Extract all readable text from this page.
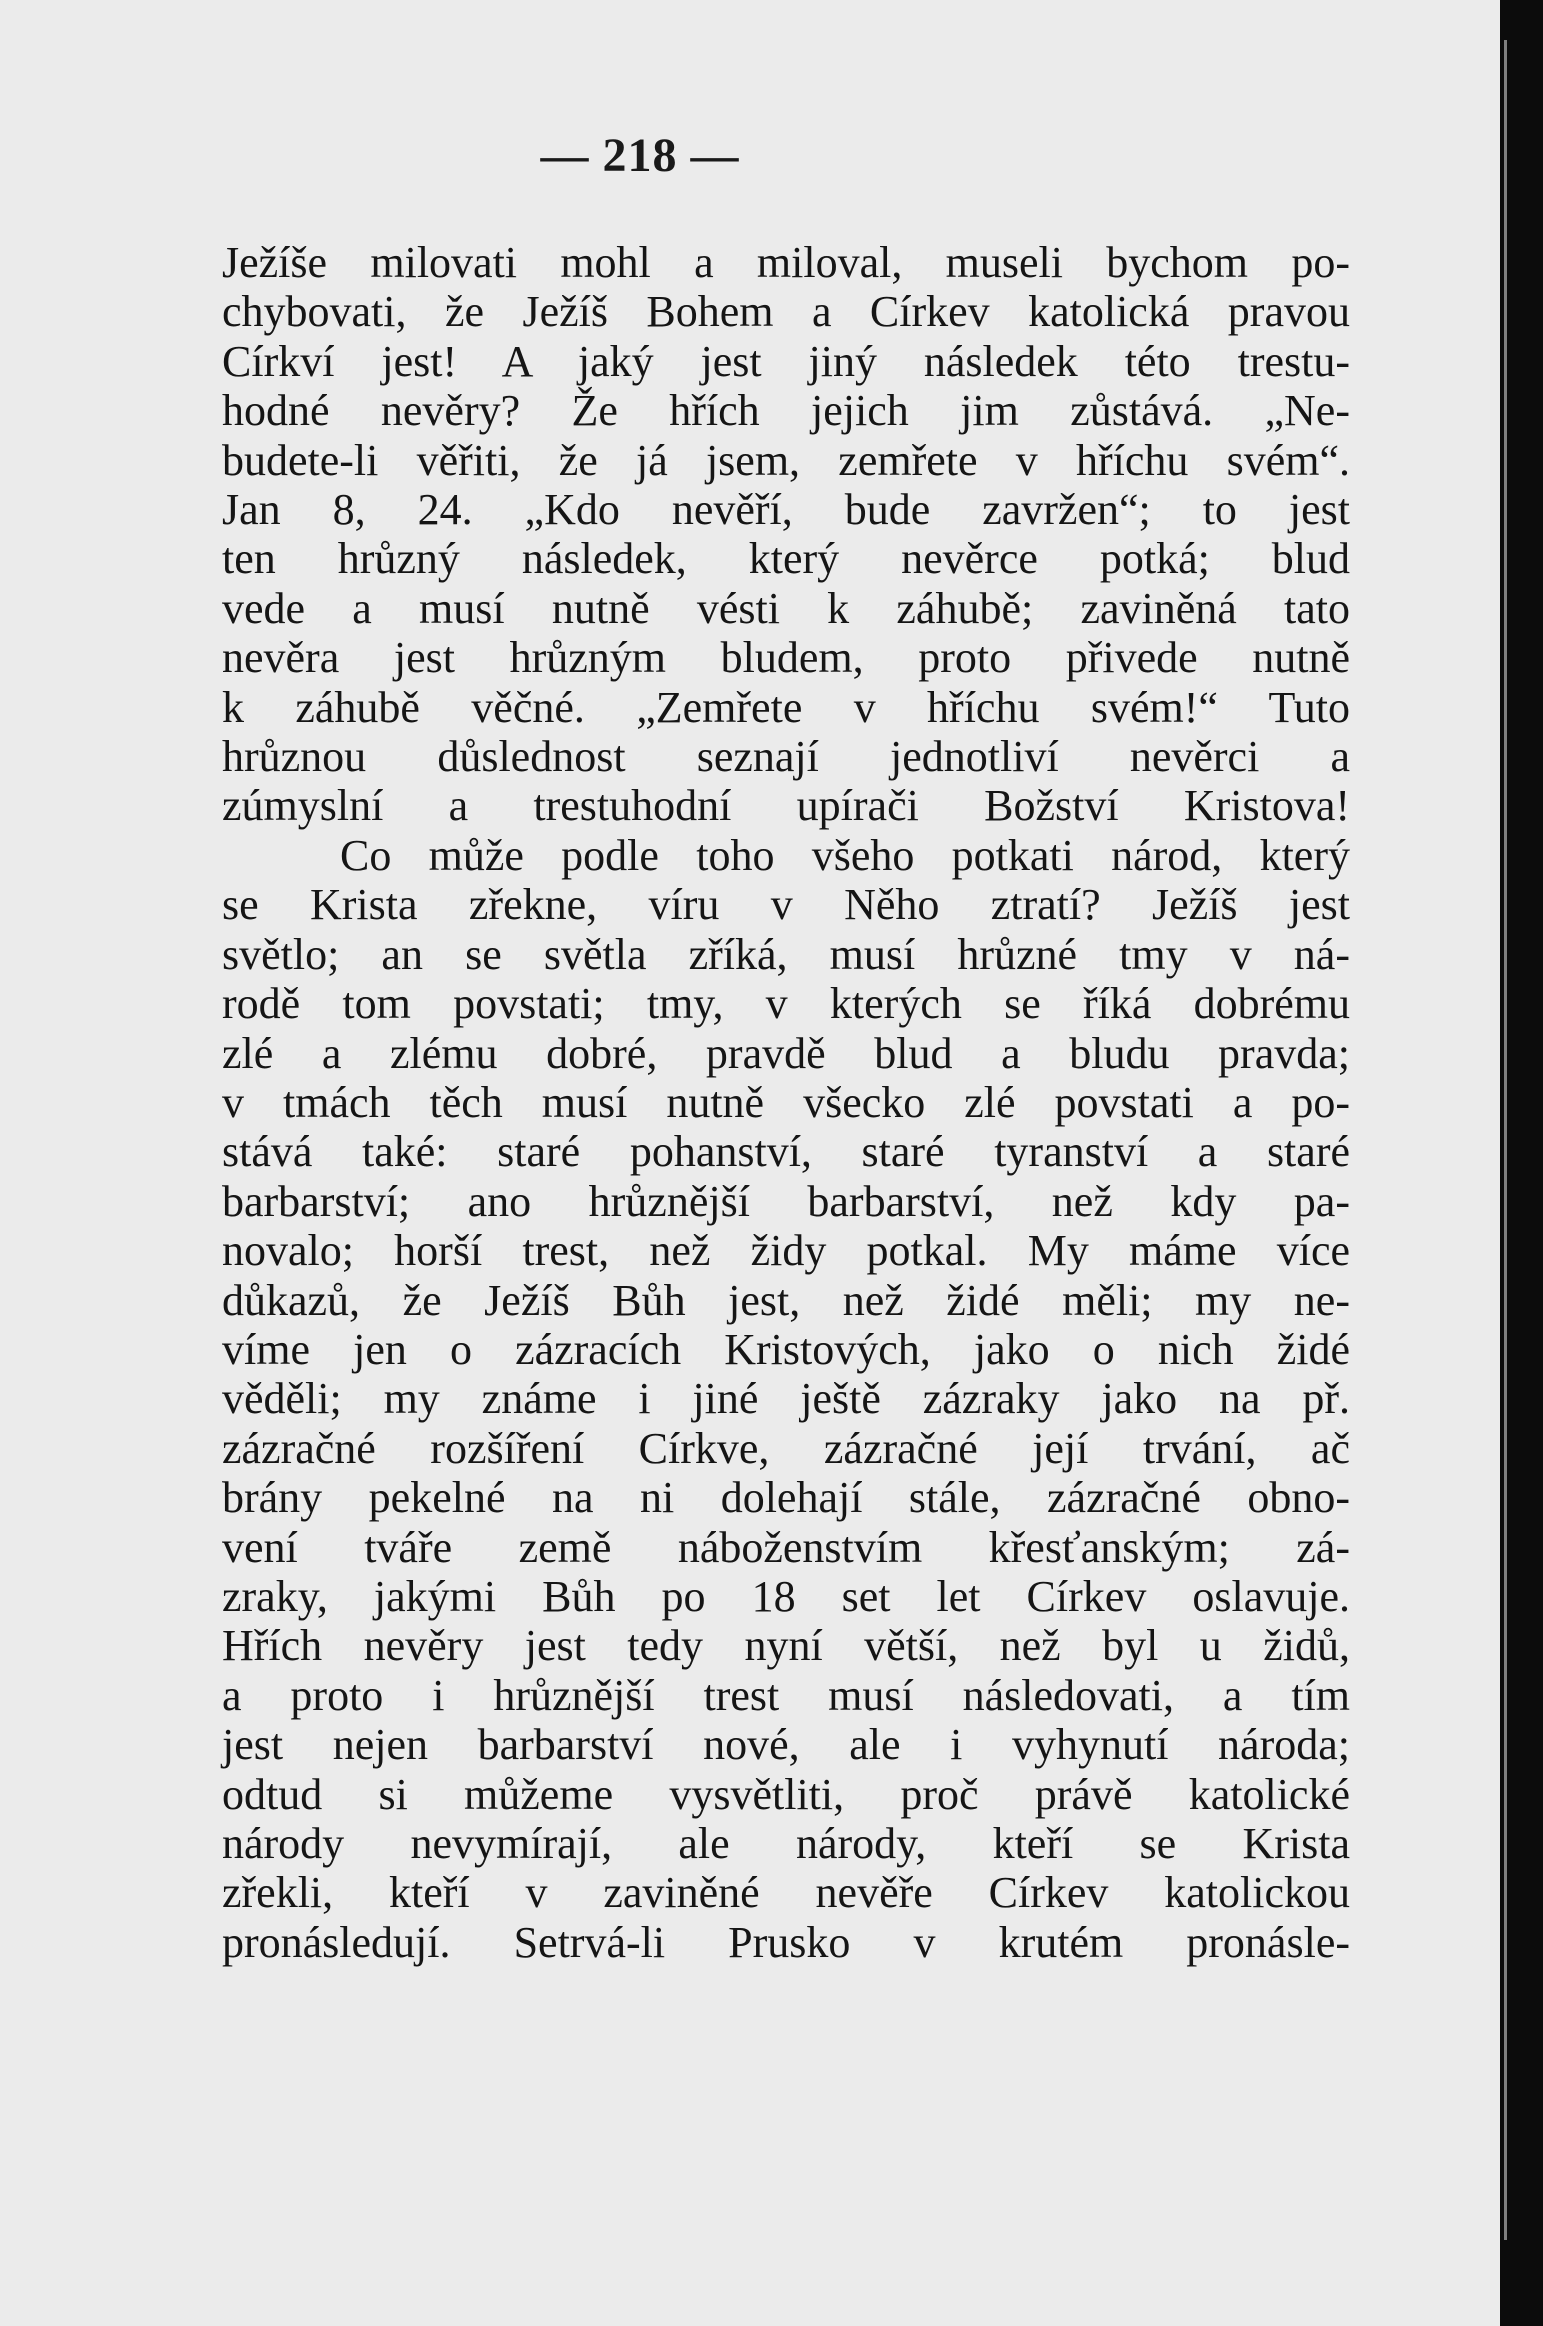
— 218 —
Ježíše milovati mohl a miloval, museli bychom po-
chybovati, že Ježíš Bohem a Církev katolická pravou
Církví jest! A jaký jest jiný následek této trestu-
hodné nevěry? Že hřích jejich jim zůstává. „Ne-
budete-li věřiti, že já jsem, zemřete v hříchu svém“.
Jan 8, 24. „Kdo nevěří, bude zavržen“; to jest
ten hrůzný následek, který nevěrce potká; blud
vede a musí nutně vésti k záhubě; zaviněná tato
nevěra jest hrůzným bludem, proto přivede nutně
k záhubě věčné. „Zemřete v hříchu svém!“ Tuto
hrůznou důslednost seznají jednotliví nevěrci a
zúmyslní a trestuhodní upírači Božství Kristova!
Co může podle toho všeho potkati národ, který
se Krista zřekne, víru v Něho ztratí? Ježíš jest
světlo; an se světla zříká, musí hrůzné tmy v ná-
rodě tom povstati; tmy, v kterých se říká dobrému
zlé a zlému dobré, pravdě blud a bludu pravda;
v tmách těch musí nutně všecko zlé povstati a po-
stává také: staré pohanství, staré tyranství a staré
barbarství; ano hrůznější barbarství, než kdy pa-
novalo; horší trest, než židy potkal. My máme více
důkazů, že Ježíš Bůh jest, než židé měli; my ne-
víme jen o zázracích Kristových, jako o nich židé
věděli; my známe i jiné ještě zázraky jako na př.
zázračné rozšíření Církve, zázračné její trvání, ač
brány pekelné na ni dolehají stále, zázračné obno-
vení tváře země náboženstvím křesťanským; zá-
zraky, jakými Bůh po 18 set let Církev oslavuje.
Hřích nevěry jest tedy nyní větší, než byl u židů,
a proto i hrůznější trest musí následovati, a tím
jest nejen barbarství nové, ale i vyhynutí národa;
odtud si můžeme vysvětliti, proč právě katolické
národy nevymírají, ale národy, kteří se Krista
zřekli, kteří v zaviněné nevěře Církev katolickou
pronásledují. Setrvá-li Prusko v krutém pronásle-
